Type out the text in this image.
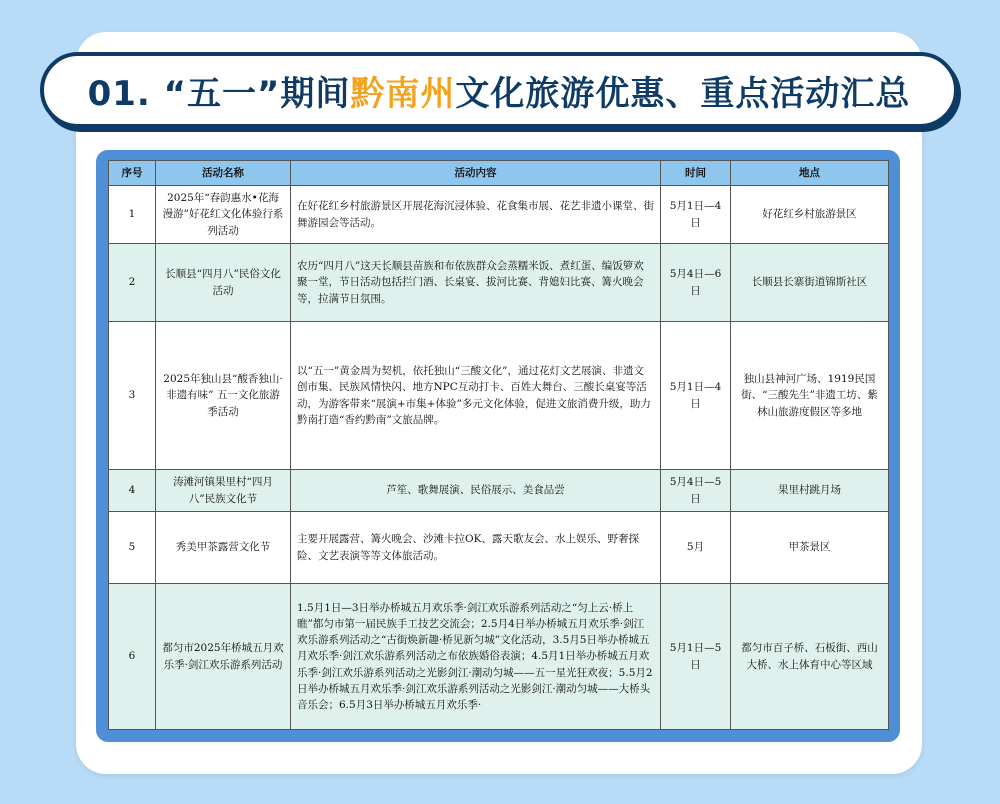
01. “五一”期间黔南州文化旅游优惠、重点活动汇总
序号	活动名称	活动内容	时间	地点
1	2025年“春韵惠水•花海漫游”好花红文化体验行系列活动	在好花红乡村旅游景区开展花海沉浸体验、花食集市展、花艺非遗小课堂、街舞游园会等活动。	5月1日—4日	好花红乡村旅游景区
2	长顺县“四月八”民俗文化活动	农历“四月八”这天长顺县苗族和布依族群众会蒸糯米饭、煮红蛋、编饭箩欢聚一堂，节日活动包括拦门酒、长桌宴、拔河比赛、背媳妇比赛、篝火晚会等，拉满节日氛围。	5月4日—6日	长顺县长寨街道锦斯社区
3	2025年独山县“酸香独山·非遗有味” 五一文化旅游季活动	以“五一”黄金周为契机，依托独山“三酸文化”，通过花灯文艺展演、非遗文创市集、民族风情快闪、地方NPC互动打卡、百姓大舞台、三酸长桌宴等活动，为游客带来“展演+市集+体验”多元文化体验，促进文旅消费升级，助力黔南打造“香约黔南”文旅品牌。	5月1日—4日	独山县神河广场、1919民国街、“三酸先生”非遗工坊、紫林山旅游度假区等多地
4	涛滩河镇果里村“四月八”民族文化节	芦笙、歌舞展演、民俗展示、美食品尝	5月4日—5日	果里村跳月场
5	秀美甲茶露营文化节	主要开展露营、篝火晚会、沙滩卡拉OK、露天歌友会、水上娱乐、野奢探险、文艺表演等等文体旅活动。	5月	甲茶景区
6	都匀市2025年桥城五月欢乐季·剑江欢乐游系列活动	1.5月1日—3日举办桥城五月欢乐季·剑江欢乐游系列活动之“匀上云·桥上瞧”都匀市第一届民族手工技艺交流会；2.5月4日举办桥城五月欢乐季·剑江欢乐游系列活动之“古街焕新趣·桥见新匀城”文化活动，3.5月5日举办桥城五月欢乐季·剑江欢乐游系列活动之布依族婚俗表演；4.5月1日举办桥城五月欢乐季·剑江欢乐游系列活动之光影剑江·潮动匀城——五一星光狂欢夜；5.5月2日举办桥城五月欢乐季·剑江欢乐游系列活动之光影剑江·潮动匀城——大桥头音乐会；6.5月3日举办桥城五月欢乐季·	5月1日—5日	都匀市百子桥、石板街、西山大桥、水上体育中心等区域
